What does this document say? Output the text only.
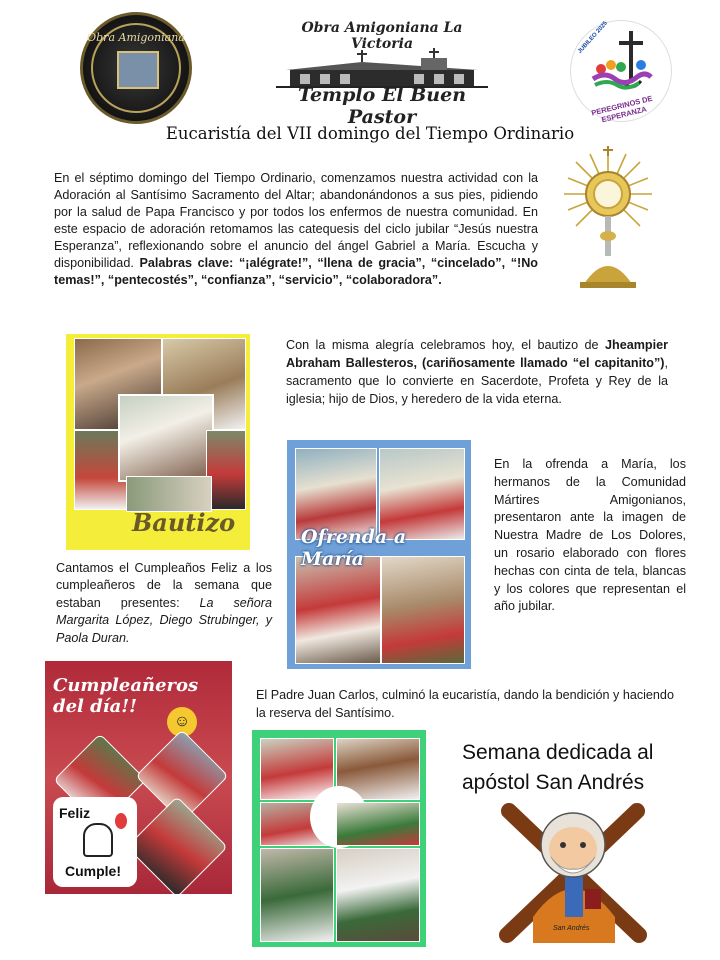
Obra Amigoniana
Obra Amigoniana La Victoria
Templo El Buen Pastor
JUBILEO 2025
PEREGRINOS DE ESPERANZA
Eucaristía del VII domingo del Tiempo Ordinario
En el séptimo domingo del Tiempo Ordinario, comenzamos nuestra actividad con la Adoración al Santísimo Sacramento del Altar; abandonándonos a sus pies, pidiendo por la salud de Papa Francisco y por todos los enfermos de nuestra comunidad. En este espacio de adoración retomamos las catequesis del ciclo jubilar “Jesús nuestra Esperanza”, reflexionando sobre el anuncio del ángel Gabriel a María. Escucha y disponibilidad. Palabras clave: “¡alégrate!”, “llena de gracia”, “cincelado”, “!No temas!”, “pentecostés”, “confianza”, “servicio”, “colaboradora”.
Bautizo
Con la misma alegría celebramos hoy, el bautizo de Jheampier Abraham Ballesteros, (cariñosamente llamado “el capitanito”), sacramento que lo convierte en Sacerdote, Profeta y Rey de la iglesia; hijo de Dios, y heredero de la vida eterna.
Ofrenda a María
En la ofrenda a María, los hermanos de la Comunidad Mártires Amigonianos, presentaron ante la imagen de Nuestra Madre de Los Dolores, un rosario elaborado con flores hechas con cinta de tela, blancas y los colores que representan el año jubilar.
Cantamos el Cumpleaños Feliz a los cumpleañeros de la semana que estaban presentes: La señora Margarita López, Diego Strubinger, y Paola Duran.
Cumpleañeros del día!!
☺
Feliz
Cumple!
El Padre Juan Carlos, culminó la eucaristía, dando la bendición y haciendo la reserva del Santísimo.
Semana dedicada al apóstol San Andrés
San Andrés
